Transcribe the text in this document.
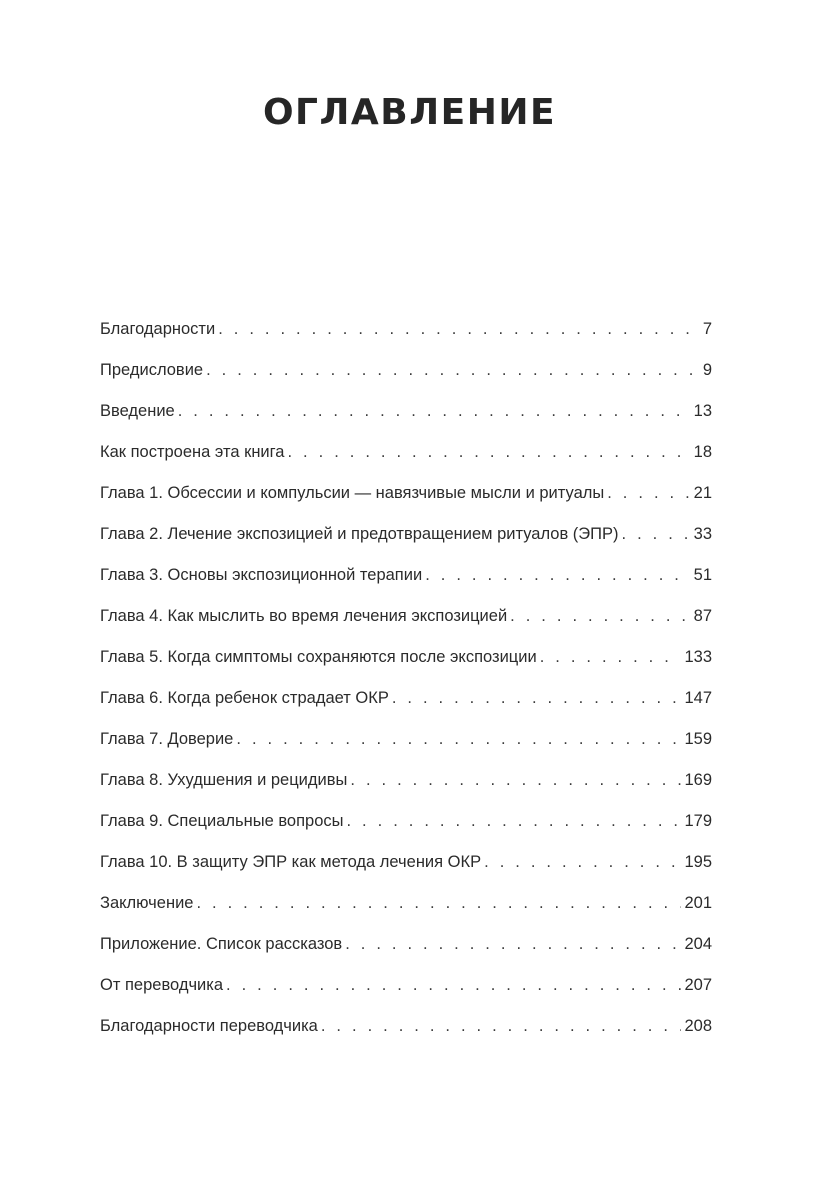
ОГЛАВЛЕНИЕ
Благодарности . . .	7
Предисловие . . .	9
Введение . . .	13
Как построена эта книга . . .	18
Глава 1. Обсессии и компульсии — навязчивые мысли и ритуалы . . .	21
Глава 2. Лечение экспозицией и предотвращением ритуалов (ЭПР) . . .	33
Глава 3. Основы экспозиционной терапии . . .	51
Глава 4. Как мыслить во время лечения экспозицией . . .	87
Глава 5. Когда симптомы сохраняются после экспозиции . . .	133
Глава 6. Когда ребенок страдает ОКР . . .	147
Глава 7. Доверие . . .	159
Глава 8. Ухудшения и рецидивы . . .	169
Глава 9. Специальные вопросы . . .	179
Глава 10. В защиту ЭПР как метода лечения ОКР . . .	195
Заключение . . .	201
Приложение. Список рассказов . . .	204
От переводчика . . .	207
Благодарности переводчика . . .	208
